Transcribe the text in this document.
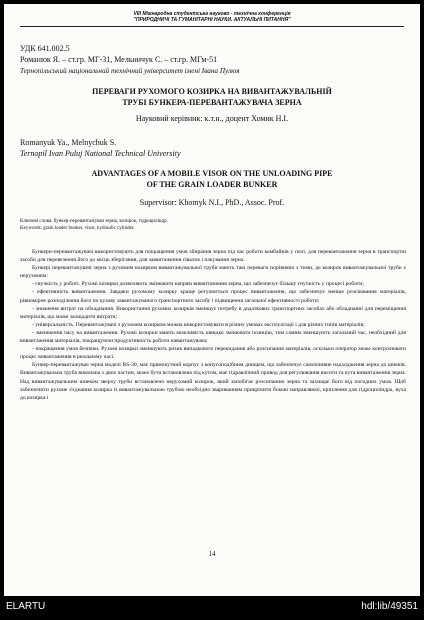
VIII Міжнародна студентська науково - технічна конференція
"ПРИРОДНИЧІ ТА ГУМАНІТАРНІ НАУКИ. АКТУАЛЬНІ ПИТАННЯ"
УДК 641.002.5
Романюк Я. – ст.гр. МГ-31, Мельничук С. – ст.гр. МГм-51
Тернопільський національний технічний університет імені Івана Пулюя
ПЕРЕВАГИ РУХОМОГО КОЗИРКА НА ВИВАНТАЖУВАЛЬНІЙ
ТРУБІ БУНКЕРА-ПЕРЕВАНТАЖУВАЧА ЗЕРНА
Науковий керівник: к.т.н., доцент Хомик Н.І.
Romanyuk Ya., Melnychuk S.
Ternopil Ivan Puluj National Technical University
ADVANTAGES OF A MOBILE VISOR ON THE UNLOADING PIPE
OF THE GRAIN LOADER BUNKER
Supervisor: Khomyk N.I., PhD., Assoc. Prof.
Ключові слова: бункер-перевантажувач зерна, козирок, гідроциліндр.
Keywords: grain loader bunker, visor, hydraulic cylinder.

Бункери-перевантажувачі використовують для покращення умов збирання зерна під час роботи комбайнів у полі, для перевантаження зерна в транспортні засоби для перевезення його до місць зберігання, для завантаження сівалок і пакування зерна.

Бункері перевантажувачі зерна з рухомим козирком вивантажувальної труби мають такі переваги порівняно з тими, де козирок вивантажувальної труби є нерухомим:

- гнучкість у роботі. Рухомі козирки дозволяють змінювати напрям вивантаження зерна, що забезпечує більшу гнучкість у процесі роботи;

- ефективність вивантаження. Завдяки рухомому козирку краще регулюється процес вивантаження, що забезпечує менше розсіювання матеріалів, рівномірне розподілення його по кузову завантажуваного транспортного засобу і підвищення загальної ефективності роботи;

- зниження витрат на обладнання. Використання рухомих козирків зменшує потребу в додаткових транспортних засобах або обладнанні для переміщення матеріалів, що може заощадити витрати;

- універсальність. Перевантажувачі з рухомим козирком можна використовувати в різних умовах експлуатації і для різних типів матеріалів;

- зменшення часу на вивантаження. Рухомі козирки мають можливість швидко змінювати позицію, тим самим зменшують загальний час, необхідний для вивантаження матеріалів, покращуючи продуктивність роботи навантажувача;

- покращення умов безпеки. Рухомі козирки зменшують ризик випадкового перекидання або розсипання матеріалів, оскільки оператор може контролювати процес вивантаження в реальному часі.

Бункер-перевантажувач зерна моделі BS-30, має прямокутний корпус з конусоподібним днищем, що забезпечує самопливне надходження зерна до шнеків. Вивантажувальна труба виконана з двох частин, може бути встановлена під кутом, має гідравлічний привод для регулювання висоти та кута вивантаження зерна. Над вивантажувальним шнеком зверху труби встановлено нерухомий козирок, який запобігає розсипанню зерна та захищає його від погодних умов. Щоб забезпечити рухоме з'єднання козирка із вивантажувальною трубою необхідно звариванням прикріпити бокові направляючі, кріплення для гідроциліндра, вуха до козирка і

14
ELARTU	hdl:lib/49351
